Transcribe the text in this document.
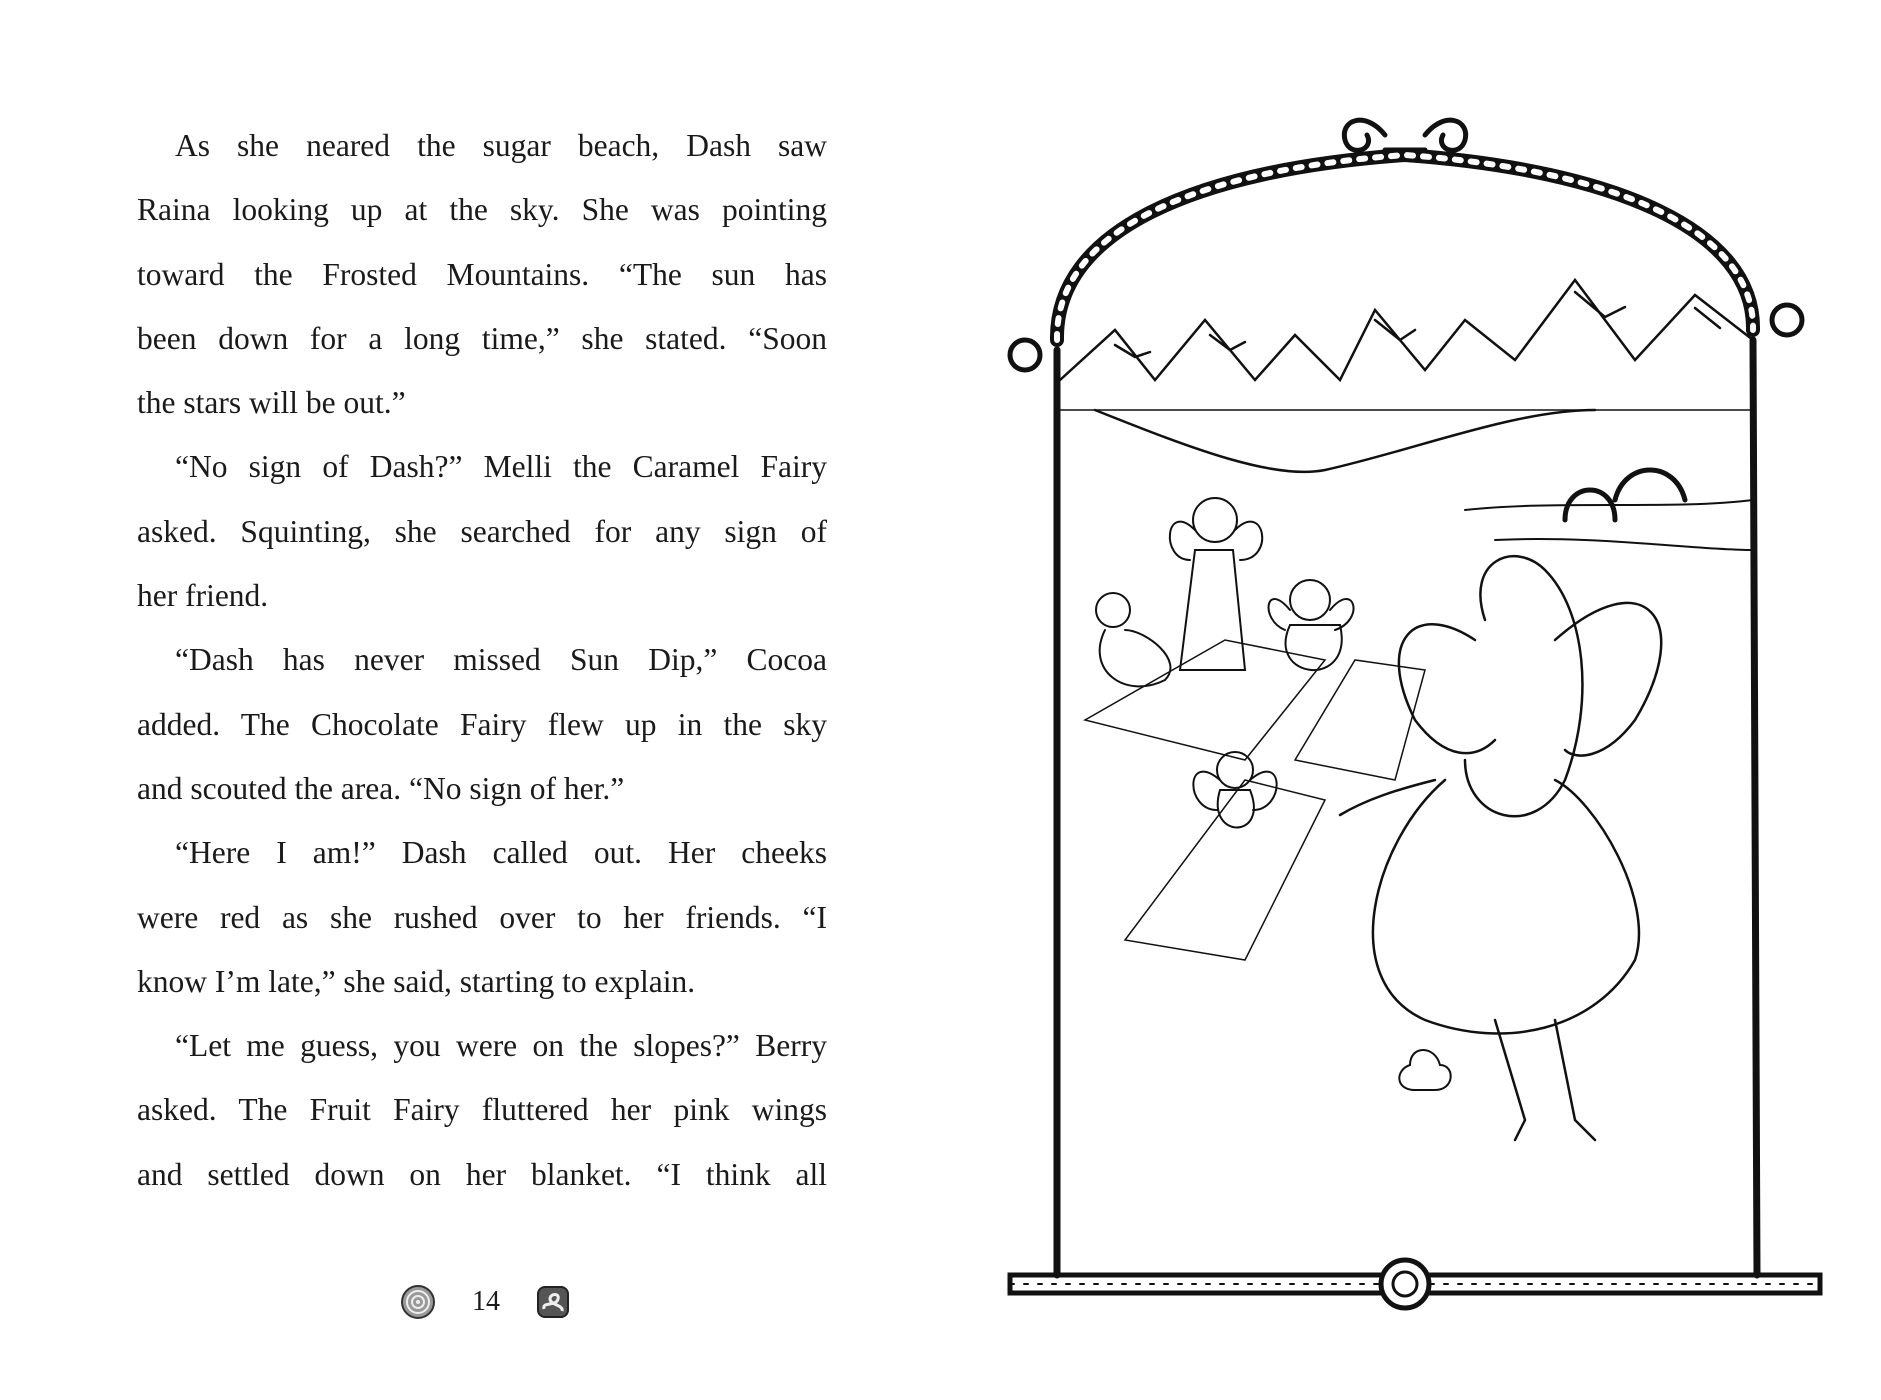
As she neared the sugar beach, Dash saw
Raina looking up at the sky. She was pointing
toward the Frosted Mountains. “The sun has
been down for a long time,” she stated. “Soon
the stars will be out.”
“No sign of Dash?” Melli the Caramel Fairy
asked. Squinting, she searched for any sign of
her friend.
“Dash has never missed Sun Dip,” Cocoa
added. The Chocolate Fairy flew up in the sky
and scouted the area. “No sign of her.”
“Here I am!” Dash called out. Her cheeks
were red as she rushed over to her friends. “I
know I’m late,” she said, starting to explain.
“Let me guess, you were on the slopes?” Berry
asked. The Fruit Fairy fluttered her pink wings
and settled down on her blanket. “I think all
14
